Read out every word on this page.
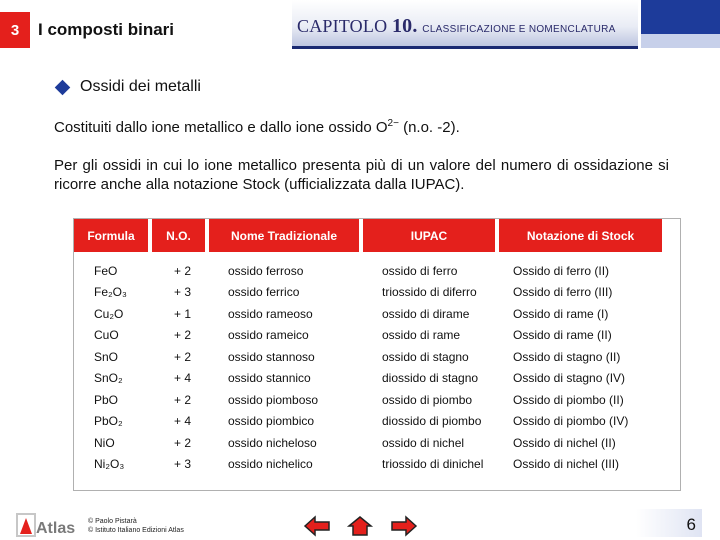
3	I composti binari	CAPITOLO 10. CLASSIFICAZIONE E NOMENCLATURA
Ossidi dei metalli
Costituiti dallo ione metallico e dallo ione ossido $O^{2-}$ (n.o. -2).
Per gli ossidi in cui lo ione metallico presenta più di un valore del numero di ossidazione si ricorre anche alla notazione Stock (ufficializzata dalla IUPAC).
Formula	N.O.	Nome Tradizionale	IUPAC	Notazione di Stock

FeO	+ 2	ossido ferroso	ossido di ferro	Ossido di ferro (II)
Fe₂O₃	+ 3	ossido ferrico	triossido di diferro	Ossido di ferro (III)
Cu₂O	+ 1	ossido rameoso	ossido di dirame	Ossido di rame (I)
CuO	+ 2	ossido rameico	ossido di rame	Ossido di rame (II)
SnO	+ 2	ossido stannoso	ossido di stagno	Ossido di stagno (II)
SnO₂	+ 4	ossido stannico	diossido di stagno	Ossido di stagno (IV)
PbO	+ 2	ossido piomboso	ossido di piombo	Ossido di piombo (II)
PbO₂	+ 4	ossido piombico	diossido di piombo	Ossido di piombo (IV)
NiO	+ 2	ossido nicheloso	ossido di nichel	Ossido di nichel (II)
Ni₂O₃	+ 3	ossido nichelico	triossido di dinichel	Ossido di nichel (III)
Atlas © Paolo Pistarà
© Istituto Italiano Edizioni Atlas	6
